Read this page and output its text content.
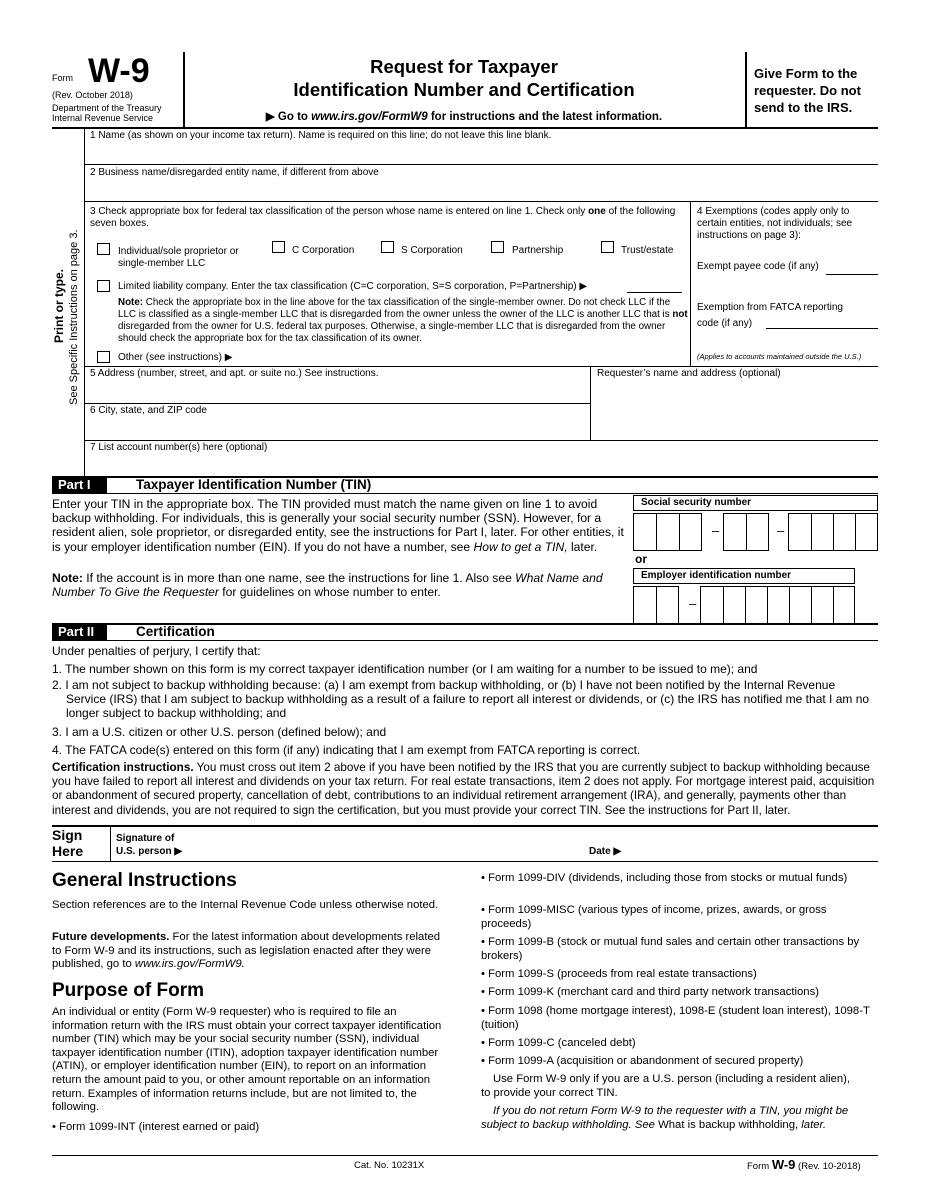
Form W-9
(Rev. October 2018)
Department of the Treasury
Internal Revenue Service
Request for Taxpayer
Identification Number and Certification
▶ Go to www.irs.gov/FormW9 for instructions and the latest information.
Give Form to the requester. Do not send to the IRS.
Print or type. See Specific Instructions on page 3.
1 Name (as shown on your income tax return). Name is required on this line; do not leave this line blank.
2 Business name/disregarded entity name, if different from above
3 Check appropriate box for federal tax classification of the person whose name is entered on line 1. Check only one of the following seven boxes.
Individual/sole proprietor or single-member LLC
C Corporation	S Corporation	Partnership	Trust/estate
Limited liability company. Enter the tax classification (C=C corporation, S=S corporation, P=Partnership) ▶
Note: Check the appropriate box in the line above for the tax classification of the single-member owner. Do not check LLC if the LLC is classified as a single-member LLC that is disregarded from the owner unless the owner of the LLC is another LLC that is not disregarded from the owner for U.S. federal tax purposes. Otherwise, a single-member LLC that is disregarded from the owner should check the appropriate box for the tax classification of its owner.
Other (see instructions) ▶
4 Exemptions (codes apply only to certain entities, not individuals; see instructions on page 3):
Exempt payee code (if any)
Exemption from FATCA reporting code (if any)
(Applies to accounts maintained outside the U.S.)
5 Address (number, street, and apt. or suite no.) See instructions.	Requester’s name and address (optional)
6 City, state, and ZIP code
7 List account number(s) here (optional)
Part I	Taxpayer Identification Number (TIN)
Enter your TIN in the appropriate box. The TIN provided must match the name given on line 1 to avoid backup withholding. For individuals, this is generally your social security number (SSN). However, for a resident alien, sole proprietor, or disregarded entity, see the instructions for Part I, later. For other entities, it is your employer identification number (EIN). If you do not have a number, see How to get a TIN, later.
Note: If the account is in more than one name, see the instructions for line 1. Also see What Name and Number To Give the Requester for guidelines on whose number to enter.
Social security number
–	–
or
Employer identification number
–
Part II	Certification
Under penalties of perjury, I certify that:
1. The number shown on this form is my correct taxpayer identification number (or I am waiting for a number to be issued to me); and
2. I am not subject to backup withholding because: (a) I am exempt from backup withholding, or (b) I have not been notified by the Internal Revenue Service (IRS) that I am subject to backup withholding as a result of a failure to report all interest or dividends, or (c) the IRS has notified me that I am no longer subject to backup withholding; and
3. I am a U.S. citizen or other U.S. person (defined below); and
4. The FATCA code(s) entered on this form (if any) indicating that I am exempt from FATCA reporting is correct.
Certification instructions. You must cross out item 2 above if you have been notified by the IRS that you are currently subject to backup withholding because you have failed to report all interest and dividends on your tax return. For real estate transactions, item 2 does not apply. For mortgage interest paid, acquisition or abandonment of secured property, cancellation of debt, contributions to an individual retirement arrangement (IRA), and generally, payments other than interest and dividends, you are not required to sign the certification, but you must provide your correct TIN. See the instructions for Part II, later.
Sign
Here
Signature of
U.S. person ▶	Date ▶
General Instructions
Section references are to the Internal Revenue Code unless otherwise noted.
Future developments. For the latest information about developments related to Form W-9 and its instructions, such as legislation enacted after they were published, go to www.irs.gov/FormW9.
Purpose of Form
An individual or entity (Form W-9 requester) who is required to file an information return with the IRS must obtain your correct taxpayer identification number (TIN) which may be your social security number (SSN), individual taxpayer identification number (ITIN), adoption taxpayer identification number (ATIN), or employer identification number (EIN), to report on an information return the amount paid to you, or other amount reportable on an information return. Examples of information returns include, but are not limited to, the following.
• Form 1099-INT (interest earned or paid)
• Form 1099-DIV (dividends, including those from stocks or mutual funds)
• Form 1099-MISC (various types of income, prizes, awards, or gross proceeds)
• Form 1099-B (stock or mutual fund sales and certain other transactions by brokers)
• Form 1099-S (proceeds from real estate transactions)
• Form 1099-K (merchant card and third party network transactions)
• Form 1098 (home mortgage interest), 1098-E (student loan interest), 1098-T (tuition)
• Form 1099-C (canceled debt)
• Form 1099-A (acquisition or abandonment of secured property)
Use Form W-9 only if you are a U.S. person (including a resident alien), to provide your correct TIN.
If you do not return Form W-9 to the requester with a TIN, you might be subject to backup withholding. See What is backup withholding, later.
Cat. No. 10231X	Form W-9 (Rev. 10-2018)
